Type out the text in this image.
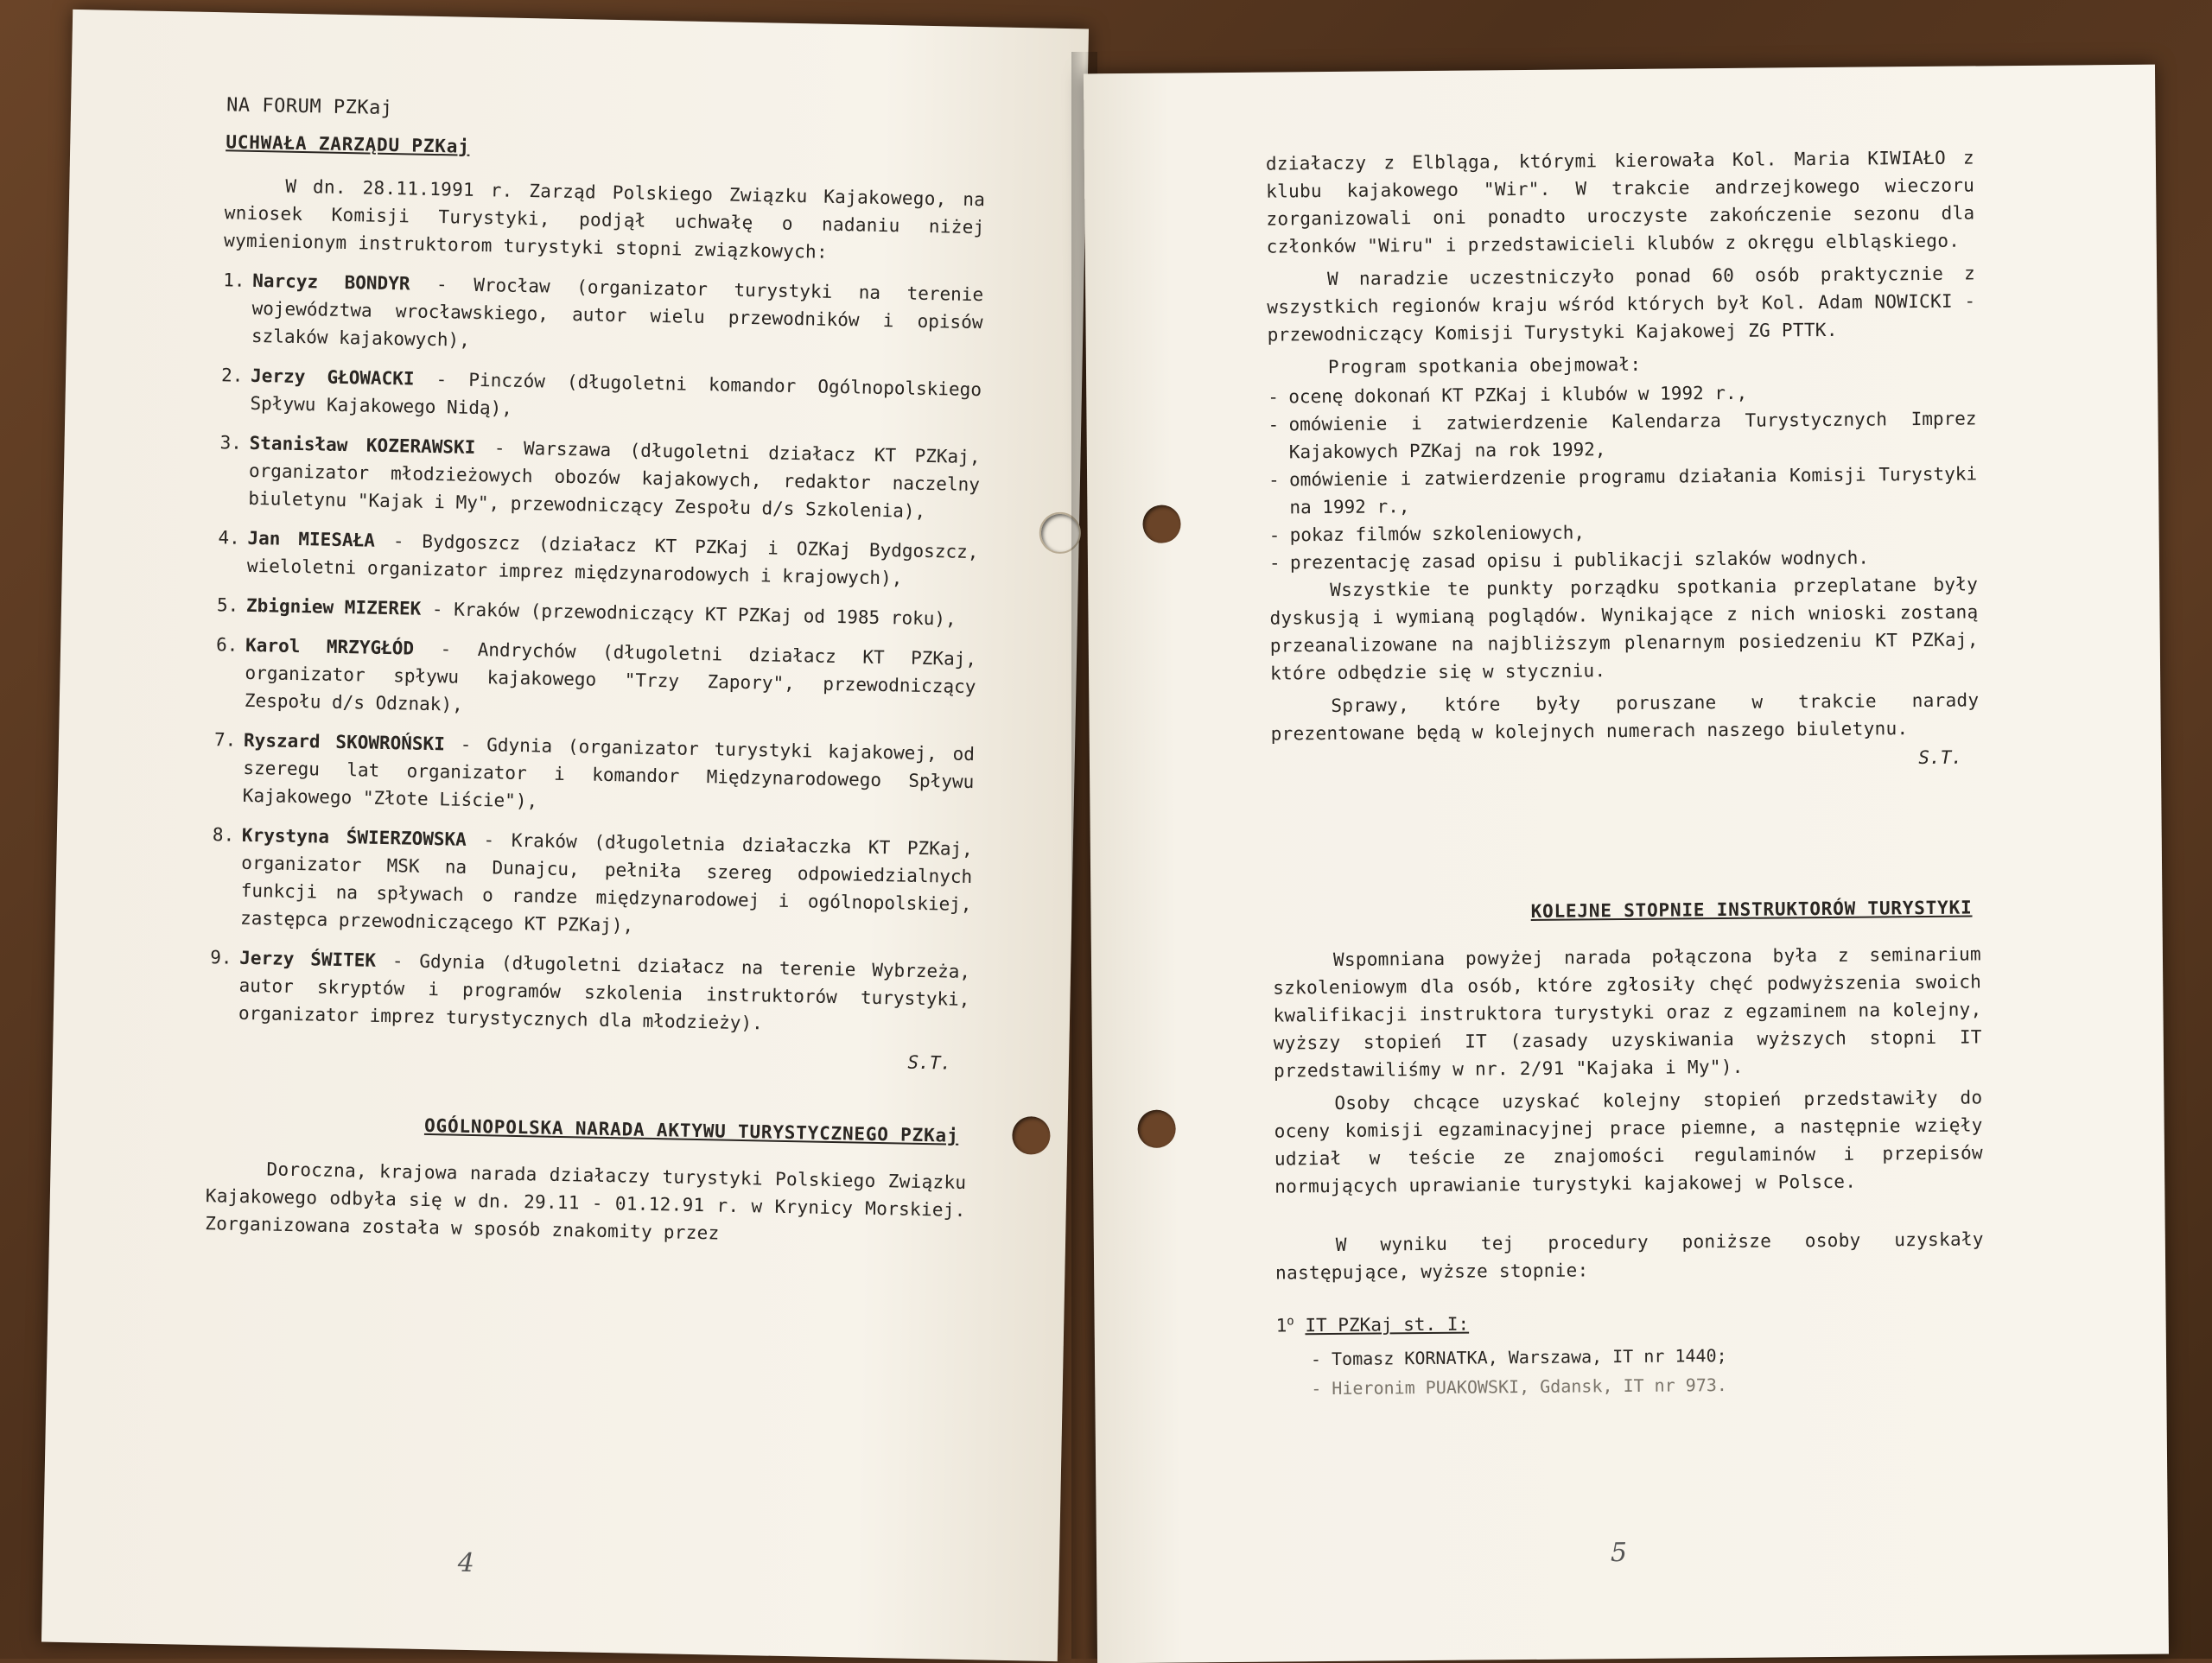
NA FORUM PZKaj
UCHWAŁA ZARZĄDU PZKaj

W dn. 28.11.1991 r. Zarząd Polskiego Związku Kajakowego, na wniosek Komisji Turystyki, podjął uchwałę o nadaniu niżej wymienionym instruktorom turystyki stopni związkowych:

1. Narcyz BONDYR - Wrocław (organizator turystyki na terenie województwa wrocławskiego, autor wielu przewodników i opisów szlaków kajakowych),
2. Jerzy GŁOWACKI - Pinczów (długoletni komandor Ogólnopolskiego Spływu Kajakowego Nidą),
3. Stanisław KOZERAWSKI - Warszawa (długoletni działacz KT PZKaj, organizator młodzieżowych obozów kajakowych, redaktor naczelny biuletynu "Kajak i My", przewodniczący Zespołu d/s Szkolenia),
4. Jan MIESAŁA - Bydgoszcz (działacz KT PZKaj i OZKaj Bydgoszcz, wieloletni organizator imprez międzynarodowych i krajowych),
5. Zbigniew MIZEREK - Kraków (przewodniczący KT PZKaj od 1985 roku),
6. Karol MRZYGŁÓD - Andrychów (długoletni działacz KT PZKaj, organizator spływu kajakowego "Trzy Zapory", przewodniczący Zespołu d/s Odznak),
7. Ryszard SKOWROŃSKI - Gdynia (organizator turystyki kajakowej, od szeregu lat organizator i komandor Międzynarodowego Spływu Kajakowego "Złote Liście"),
8. Krystyna ŚWIERZOWSKA - Kraków (długoletnia działaczka KT PZKaj, organizator MSK na Dunajcu, pełniła szereg odpowiedzialnych funkcji na spływach o randze międzynarodowej i ogólnopolskiej, zastępca przewodniczącego KT PZKaj),
9. Jerzy ŚWITEK - Gdynia (długoletni działacz na terenie Wybrzeża, autor skryptów i programów szkolenia instruktorów turystyki, organizator imprez turystycznych dla młodzieży).
S.T.
OGÓLNOPOLSKA NARADA AKTYWU TURYSTYCZNEGO PZKaj

Doroczna, krajowa narada działaczy turystyki Polskiego Związku Kajakowego odbyła się w dn. 29.11 - 01.12.91 r. w Krynicy Morskiej. Zorganizowana została w sposób znakomity przez

4

działaczy z Elbląga, którymi kierowała Kol. Maria KIWIAŁO z klubu kajakowego "Wir". W trakcie andrzejkowego wieczoru zorganizowali oni ponadto uroczyste zakończenie sezonu dla członków "Wiru" i przedstawicieli klubów z okręgu elbląskiego.

W naradzie uczestniczyło ponad 60 osób praktycznie z wszystkich regionów kraju wśród których był Kol. Adam NOWICKI - przewodniczący Komisji Turystyki Kajakowej ZG PTTK.

Program spotkania obejmował:

- ocenę dokonań KT PZKaj i klubów w 1992 r.,
- omówienie i zatwierdzenie Kalendarza Turystycznych Imprez Kajakowych PZKaj na rok 1992,
- omówienie i zatwierdzenie programu działania Komisji Turystyki na 1992 r.,
- pokaz filmów szkoleniowych,
- prezentację zasad opisu i publikacji szlaków wodnych.

Wszystkie te punkty porządku spotkania przeplatane były dyskusją i wymianą poglądów. Wynikające z nich wnioski zostaną przeanalizowane na najbliższym plenarnym posiedzeniu KT PZKaj, które odbędzie się w styczniu.

Sprawy, które były poruszane w trakcie narady prezentowane będą w kolejnych numerach naszego biuletynu.

S.T.
KOLEJNE STOPNIE INSTRUKTORÓW TURYSTYKI

Wspomniana powyżej narada połączona była z seminarium szkoleniowym dla osób, które zgłosiły chęć podwyższenia swoich kwalifikacji instruktora turystyki oraz z egzaminem na kolejny, wyższy stopień IT (zasady uzyskiwania wyższych stopni IT przedstawiliśmy w nr. 2/91 "Kajaka i My").

Osoby chcące uzyskać kolejny stopień przedstawiły do oceny komisji egzaminacyjnej prace piemne, a następnie wzięły udział w teście ze znajomości regulaminów i przepisów normujących uprawianie turystyki kajakowej w Polsce.

W wyniku tej procedury poniższe osoby uzyskały następujące, wyższe stopnie:

1$^o$ IT PZKaj st. I:
- Tomasz KORNATKA, Warszawa, IT nr 1440;
- Hieronim PUAKOWSKI, Gdansk, IT nr 973.
5
